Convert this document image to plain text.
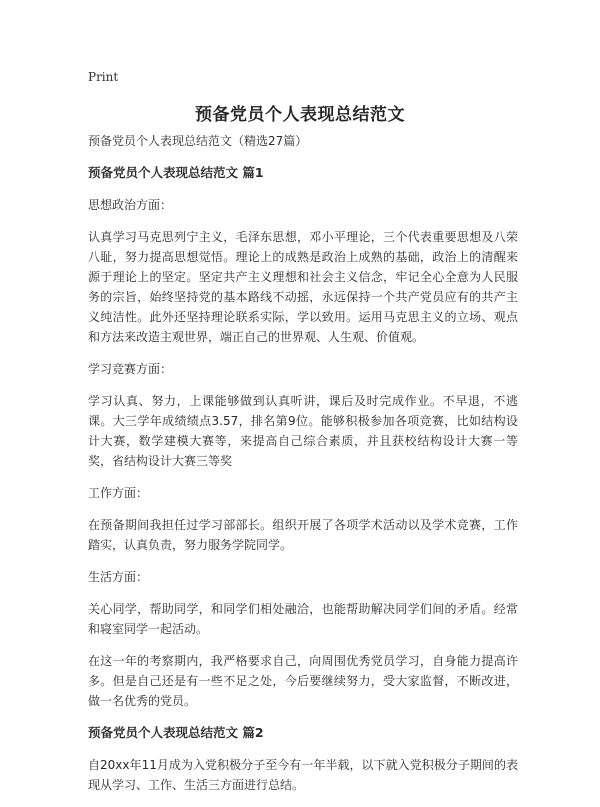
Print
预备党员个人表现总结范文

预备党员个人表现总结范文（精选27篇）

预备党员个人表现总结范文 篇1

思想政治方面：

认真学习马克思列宁主义，毛泽东思想，邓小平理论，三个代表重要思想及八荣八耻，努力提高思想觉悟。理论上的成熟是政治上成熟的基础，政治上的清醒来源于理论上的坚定。坚定共产主义理想和社会主义信念，牢记全心全意为人民服务的宗旨，始终坚持党的基本路线不动摇，永远保持一个共产党员应有的共产主义纯洁性。此外还坚持理论联系实际，学以致用。运用马克思主义的立场、观点和方法来改造主观世界，端正自己的世界观、人生观、价值观。

学习竞赛方面：

学习认真、努力，上课能够做到认真听讲，课后及时完成作业。不早退，不逃课。大三学年成绩绩点3.57，排名第9位。能够积极参加各项竞赛，比如结构设计大赛，数学建模大赛等，来提高自己综合素质，并且获校结构设计大赛一等奖，省结构设计大赛三等奖

工作方面：

在预备期间我担任过学习部部长。组织开展了各项学术活动以及学术竞赛，工作踏实，认真负责，努力服务学院同学。

生活方面：

关心同学，帮助同学，和同学们相处融洽，也能帮助解决同学们间的矛盾。经常和寝室同学一起活动。

在这一年的考察期内，我严格要求自己，向周围优秀党员学习，自身能力提高许多。但是自己还是有一些不足之处，今后要继续努力，受大家监督，不断改进，做一名优秀的党员。

预备党员个人表现总结范文 篇2

自20xx年11月成为入党积极分子至今有一年半载，以下就入党积极分子期间的表现从学习、工作、生活三方面进行总结。
